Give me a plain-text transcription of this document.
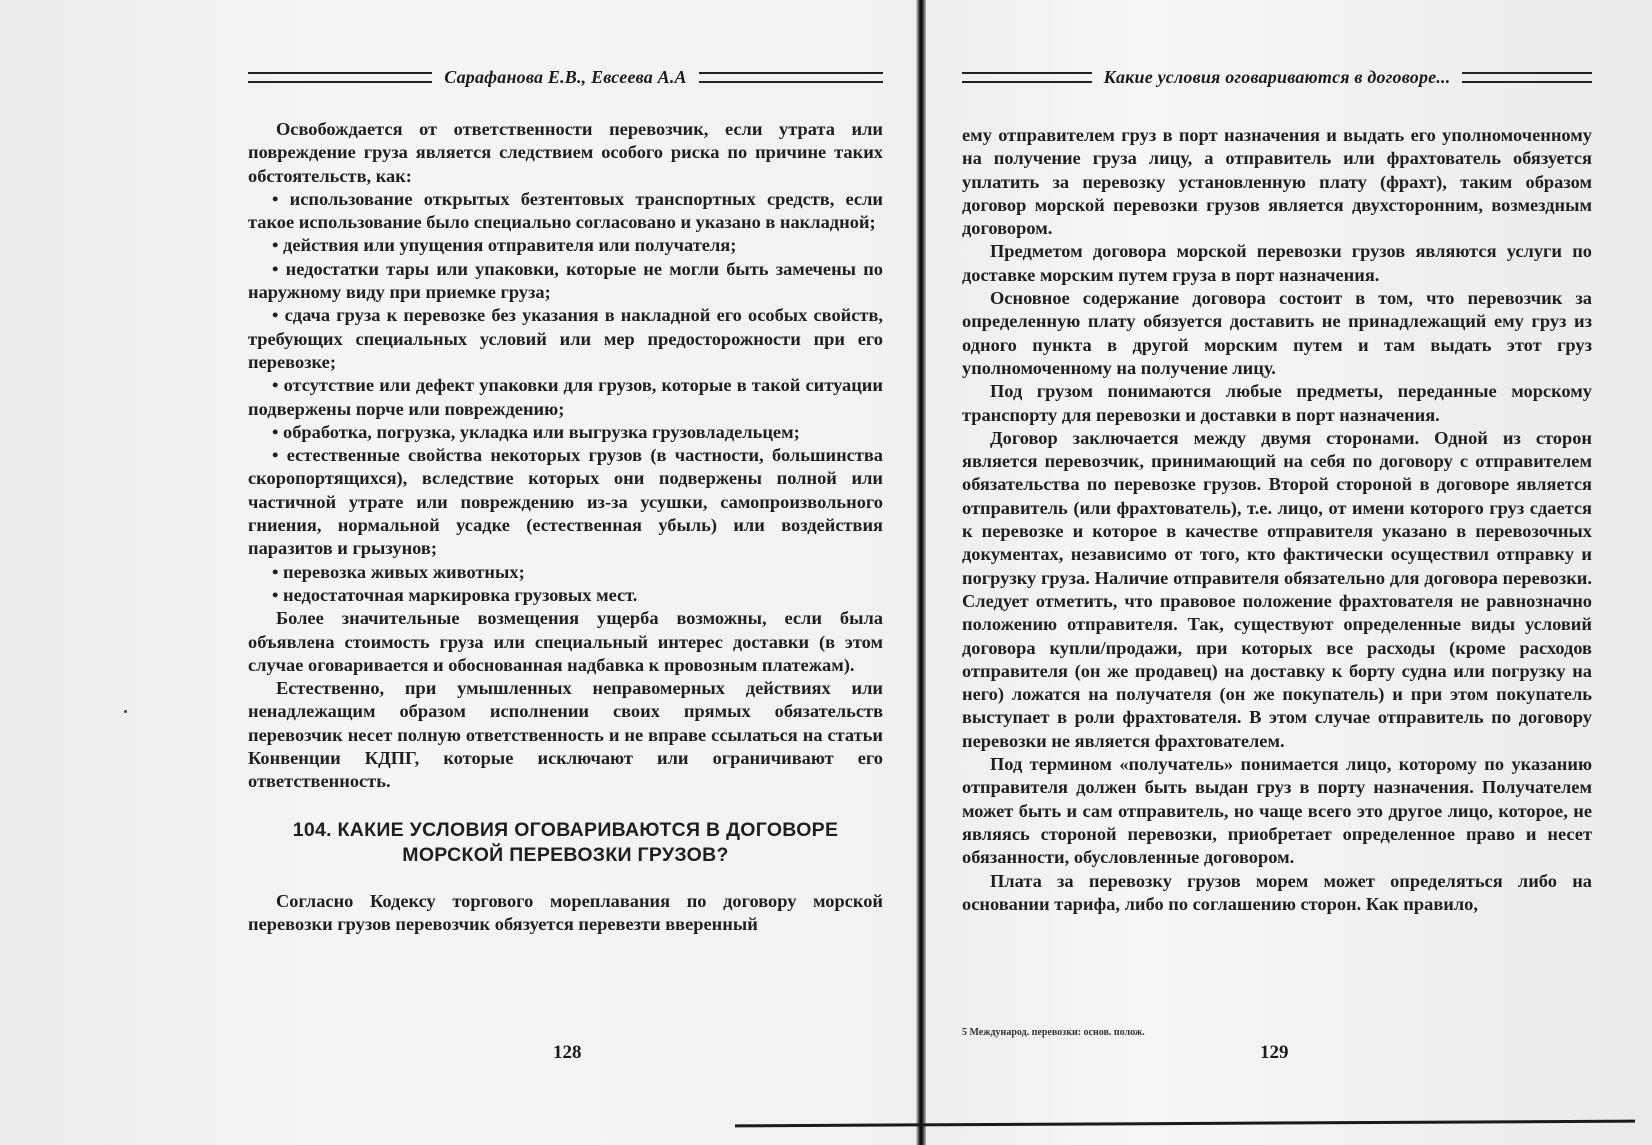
Сарафанова Е.В., Евсеева А.А

Освобождается от ответственности перевозчик, если утрата или повреждение груза является следствием особого риска по причине таких обстоятельств, как:

• использование открытых безтентовых транспортных средств, если такое использование было специально согласовано и указано в накладной;

• действия или упущения отправителя или получателя;

• недостатки тары или упаковки, которые не могли быть замечены по наружному виду при приемке груза;

• сдача груза к перевозке без указания в накладной его особых свойств, требующих специальных условий или мер предосторожности при его перевозке;

• отсутствие или дефект упаковки для грузов, которые в такой ситуации подвержены порче или повреждению;

• обработка, погрузка, укладка или выгрузка грузовладельцем;

• естественные свойства некоторых грузов (в частности, большинства скоропортящихся), вследствие которых они подвержены полной или частичной утрате или повреждению из-за усушки, самопроизвольного гниения, нормальной усадке (естественная убыль) или воздействия паразитов и грызунов;

• перевозка живых животных;

• недостаточная маркировка грузовых мест.

Более значительные возмещения ущерба возможны, если была объявлена стоимость груза или специальный интерес доставки (в этом случае оговаривается и обоснованная надбавка к провозным платежам).

Естественно, при умышленных неправомерных действиях или ненадлежащим образом исполнении своих прямых обязательств перевозчик несет полную ответственность и не вправе ссылаться на статьи Конвенции КДПГ, которые исключают или ограничивают его ответственность.

104. КАКИЕ УСЛОВИЯ ОГОВАРИВАЮТСЯ В ДОГОВОРЕ МОРСКОЙ ПЕРЕВОЗКИ ГРУЗОВ?

Согласно Кодексу торгового мореплавания по договору морской перевозки грузов перевозчик обязуется перевезти вверенный

128
Какие условия оговариваются в договоре...

ему отправителем груз в порт назначения и выдать его уполномоченному на получение груза лицу, а отправитель или фрахтователь обязуется уплатить за перевозку установленную плату (фрахт), таким образом договор морской перевозки грузов является двухсторонним, возмездным договором.

Предметом договора морской перевозки грузов являются услуги по доставке морским путем груза в порт назначения.

Основное содержание договора состоит в том, что перевозчик за определенную плату обязуется доставить не принадлежащий ему груз из одного пункта в другой морским путем и там выдать этот груз уполномоченному на получение лицу.

Под грузом понимаются любые предметы, переданные морскому транспорту для перевозки и доставки в порт назначения.

Договор заключается между двумя сторонами. Одной из сторон является перевозчик, принимающий на себя по договору с отправителем обязательства по перевозке грузов. Второй стороной в договоре является отправитель (или фрахтователь), т.е. лицо, от имени которого груз сдается к перевозке и которое в качестве отправителя указано в перевозочных документах, независимо от того, кто фактически осуществил отправку и погрузку груза. Наличие отправителя обязательно для договора перевозки. Следует отметить, что правовое положение фрахтователя не равнозначно положению отправителя. Так, существуют определенные виды условий договора купли/продажи, при которых все расходы (кроме расходов отправителя (он же продавец) на доставку к борту судна или погрузку на него) ложатся на получателя (он же покупатель) и при этом покупатель выступает в роли фрахтователя. В этом случае отправитель по договору перевозки не является фрахтователем.

Под термином «получатель» понимается лицо, которому по указанию отправителя должен быть выдан груз в порту назначения. Получателем может быть и сам отправитель, но чаще всего это другое лицо, которое, не являясь стороной перевозки, приобретает определенное право и несет обязанности, обусловленные договором.

Плата за перевозку грузов морем может определяться либо на основании тарифа, либо по соглашению сторон. Как правило,

5 Международ. перевозки: основ. полож.
129
